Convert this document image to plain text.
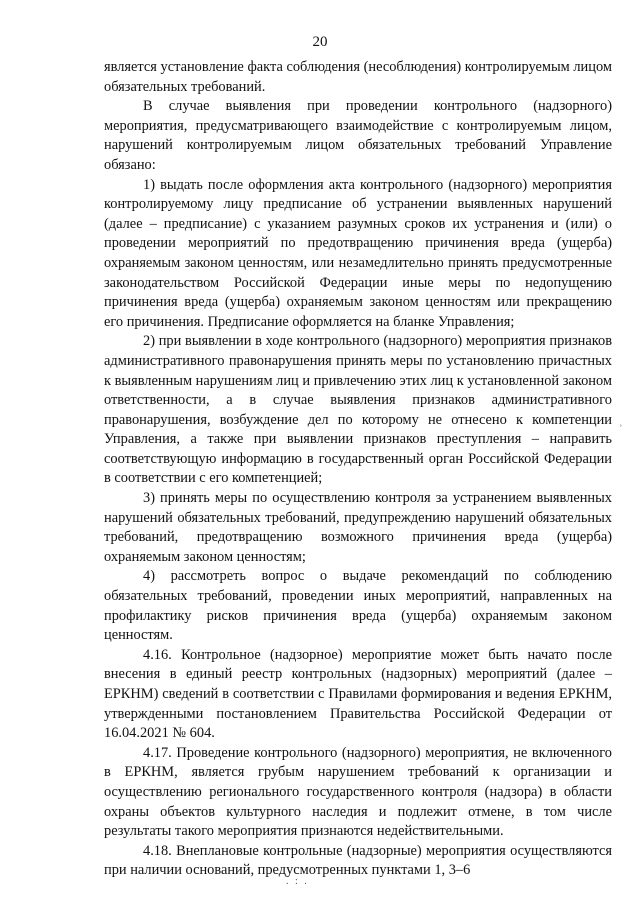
20

является установление факта соблюдения (несоблюдения) контролируемым лицом обязательных требований.

В случае выявления при проведении контрольного (надзорного) мероприятия, предусматривающего взаимодействие с контролируемым лицом, нарушений контролируемым лицом обязательных требований Управление обязано:

1) выдать после оформления акта контрольного (надзорного) мероприятия контролируемому лицу предписание об устранении выявленных нарушений (далее – предписание) с указанием разумных сроков их устранения и (или) о проведении мероприятий по предотвращению причинения вреда (ущерба) охраняемым законом ценностям, или незамедлительно принять предусмотренные законодательством Российской Федерации иные меры по недопущению причинения вреда (ущерба) охраняемым законом ценностям или прекращению его причинения. Предписание оформляется на бланке Управления;

2) при выявлении в ходе контрольного (надзорного) мероприятия признаков административного правонарушения принять меры по установлению причастных к выявленным нарушениям лиц и привлечению этих лиц к установленной законом ответственности, а в случае выявления признаков административного правонарушения, возбуждение дел по которому не отнесено к компетенции Управления, а также при выявлении признаков преступления – направить соответствующую информацию в государственный орган Российской Федерации в соответствии с его компетенцией;

3) принять меры по осуществлению контроля за устранением выявленных нарушений обязательных требований, предупреждению нарушений обязательных требований, предотвращению возможного причинения вреда (ущерба) охраняемым законом ценностям;

4) рассмотреть вопрос о выдаче рекомендаций по соблюдению обязательных требований, проведении иных мероприятий, направленных на профилактику рисков причинения вреда (ущерба) охраняемым законом ценностям.

4.16. Контрольное (надзорное) мероприятие может быть начато после внесения в единый реестр контрольных (надзорных) мероприятий (далее – ЕРКНМ) сведений в соответствии с Правилами формирования и ведения ЕРКНМ, утвержденными постановлением Правительства Российской Федерации от 16.04.2021 № 604.

4.17. Проведение контрольного (надзорного) мероприятия, не включенного в ЕРКНМ, является грубым нарушением требований к организации и осуществлению регионального государственного контроля (надзора) в области охраны объектов культурного наследия и подлежит отмене, в том числе результаты такого мероприятия признаются недействительными.

4.18. Внеплановые контрольные (надзорные) мероприятия осуществляются при наличии оснований, предусмотренных пунктами 1, 3–6

˒
. : .
